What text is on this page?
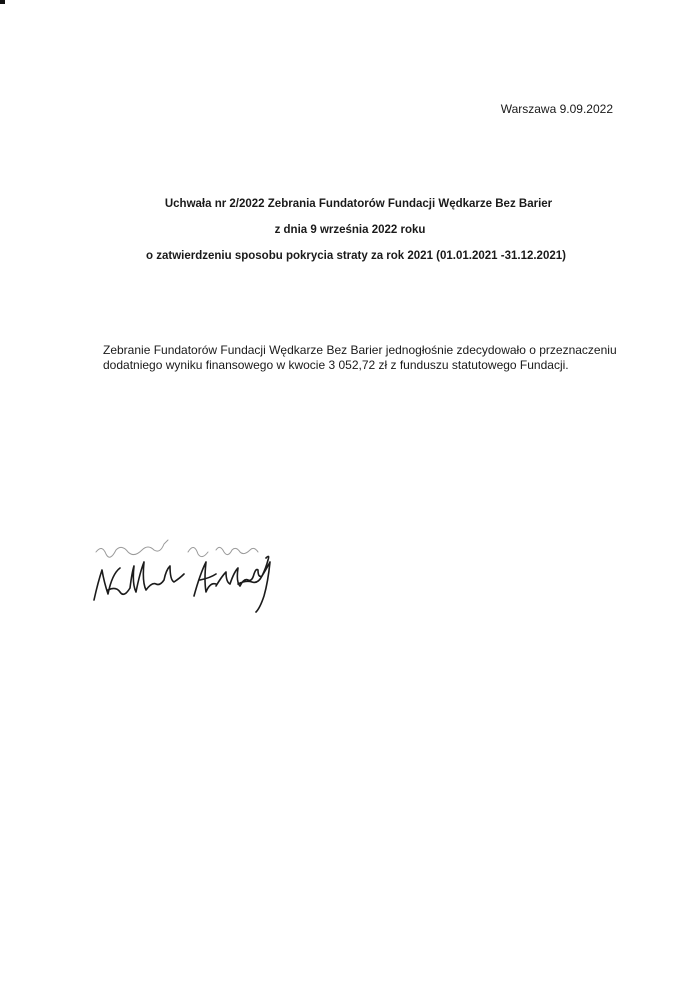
Warszawa 9.09.2022
Uchwała nr 2/2022 Zebrania Fundatorów Fundacji Wędkarze Bez Barier
z dnia 9 września 2022 roku
o zatwierdzeniu sposobu pokrycia straty za rok 2021 (01.01.2021 -31.12.2021)
Zebranie Fundatorów Fundacji Wędkarze Bez Barier jednogłośnie zdecydowało o przeznaczeniu dodatniego wyniku finansowego w kwocie 3 052,72 zł z funduszu statutowego Fundacji.
